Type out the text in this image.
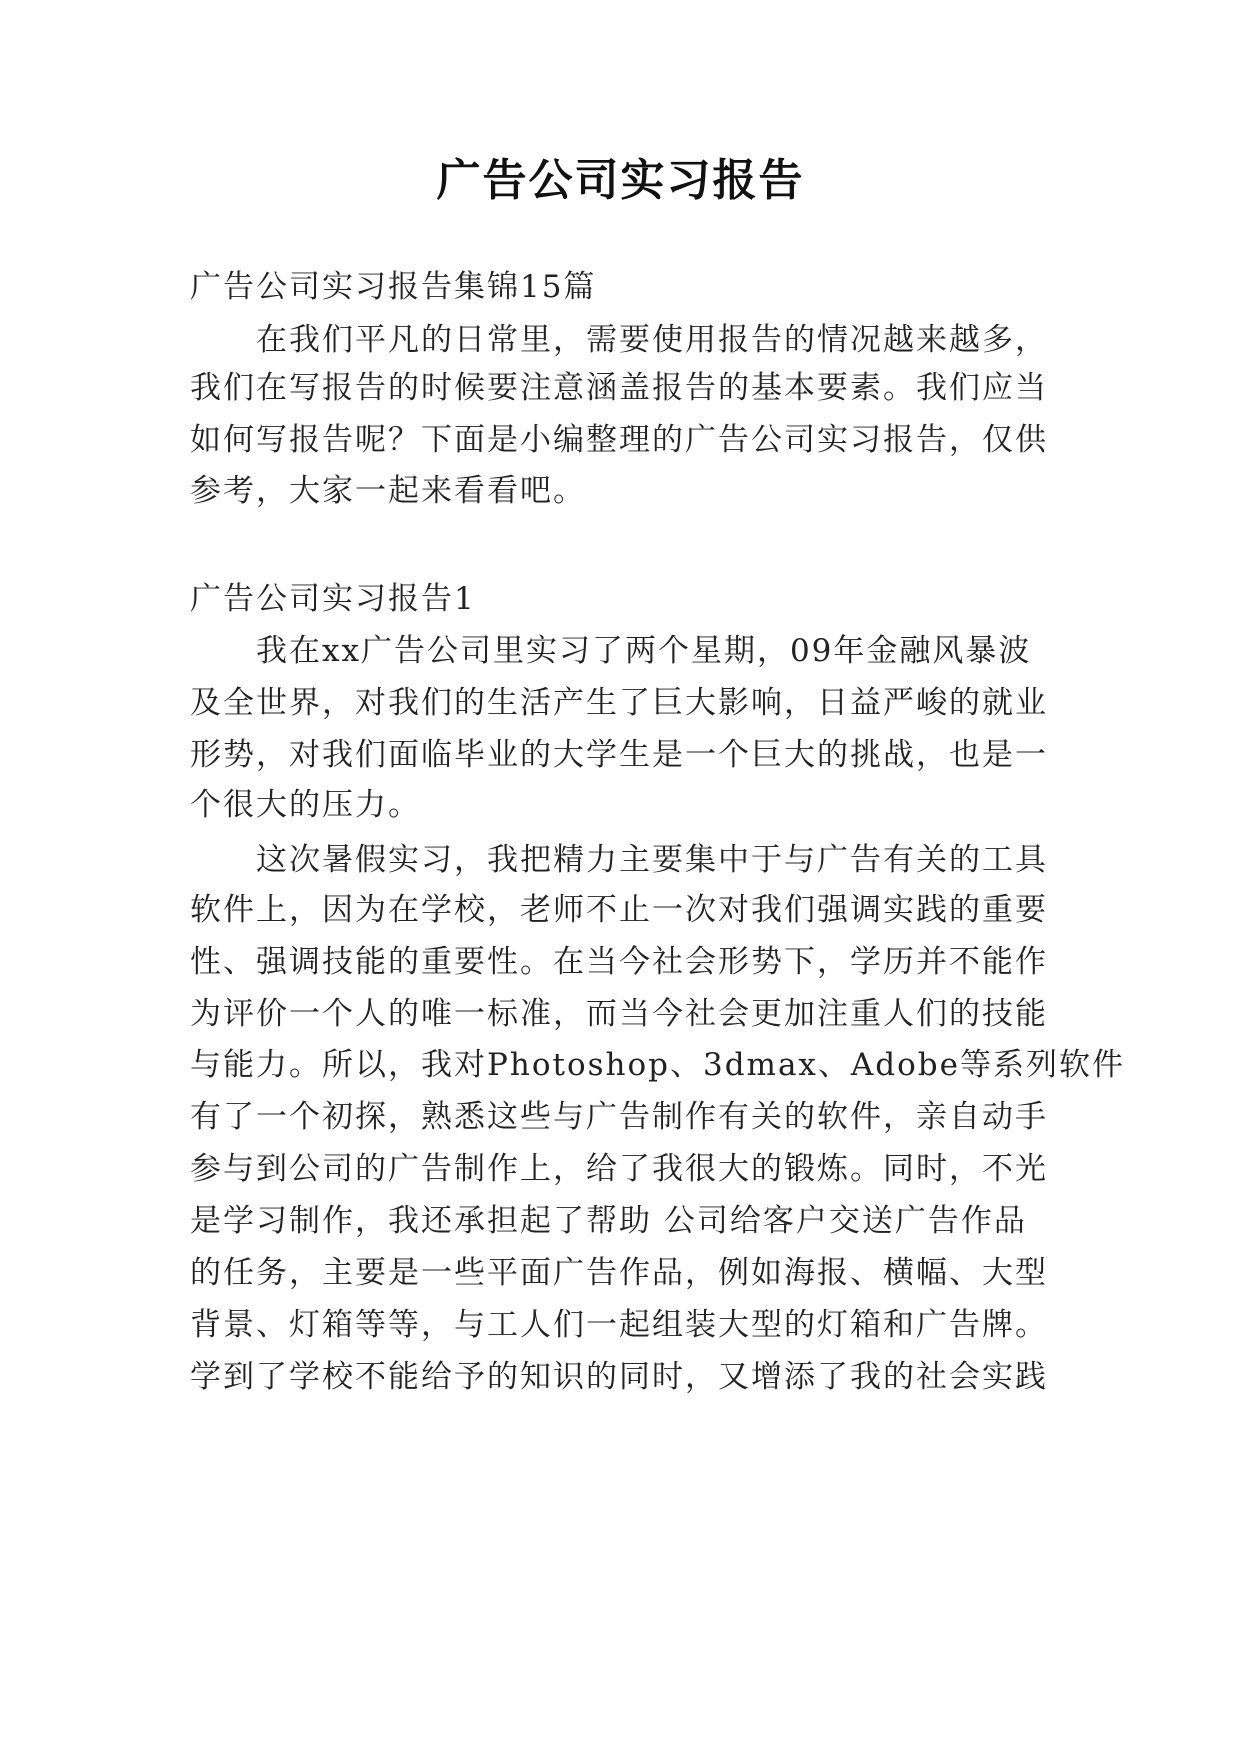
广告公司实习报告
广告公司实习报告集锦15篇
在我们平凡的日常里，需要使用报告的情况越来越多，
我们在写报告的时候要注意涵盖报告的基本要素。我们应当
如何写报告呢？下面是小编整理的广告公司实习报告，仅供
参考，大家一起来看看吧。
广告公司实习报告1
我在xx广告公司里实习了两个星期，09年金融风暴波
及全世界，对我们的生活产生了巨大影响，日益严峻的就业
形势，对我们面临毕业的大学生是一个巨大的挑战，也是一
个很大的压力。
这次暑假实习，我把精力主要集中于与广告有关的工具
软件上，因为在学校，老师不止一次对我们强调实践的重要
性、强调技能的重要性。在当今社会形势下，学历并不能作
为评价一个人的唯一标准，而当今社会更加注重人们的技能
与能力。所以，我对Photoshop、3dmax、Adobe等系列软件
有了一个初探，熟悉这些与广告制作有关的软件，亲自动手
参与到公司的广告制作上，给了我很大的锻炼。同时，不光
是学习制作，我还承担起了帮助 公司给客户交送广告作品
的任务，主要是一些平面广告作品，例如海报、横幅、大型
背景、灯箱等等，与工人们一起组装大型的灯箱和广告牌。
学到了学校不能给予的知识的同时，又增添了我的社会实践
